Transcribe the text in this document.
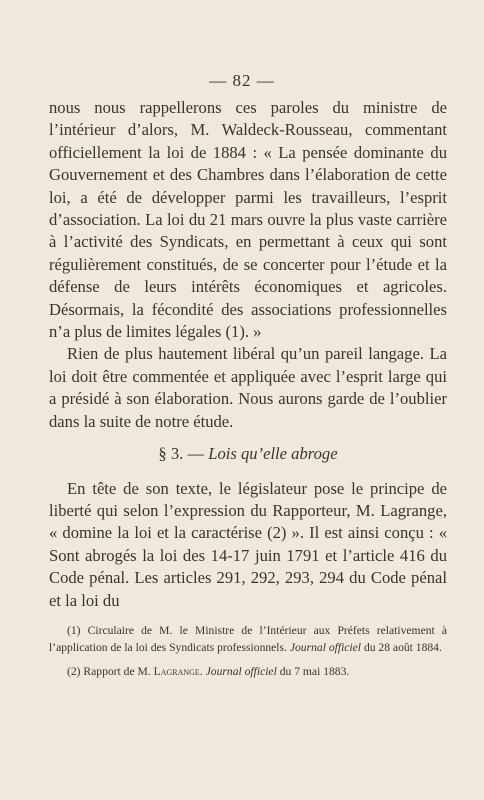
— 82 —

nous nous rappellerons ces paroles du ministre de l’intérieur d’alors, M. Waldeck-Rousseau, commentant officiellement la loi de 1884 : « La pensée dominante du Gouvernement et des Chambres dans l’élaboration de cette loi, a été de développer parmi les travailleurs, l’esprit d’association. La loi du 21 mars ouvre la plus vaste carrière à l’activité des Syndicats, en permettant à ceux qui sont régulièrement constitués, de se concerter pour l’étude et la défense de leurs intérêts économiques et agricoles. Désormais, la fécondité des associations professionnelles n’a plus de limites légales (1). »

Rien de plus hautement libéral qu’un pareil langage. La loi doit être commentée et appliquée avec l’esprit large qui a présidé à son élaboration. Nous aurons garde de l’oublier dans la suite de notre étude.

§ 3. — Lois qu’elle abroge

En tête de son texte, le législateur pose le principe de liberté qui selon l’expression du Rapporteur, M. Lagrange, « domine la loi et la caractérise (2) ». Il est ainsi conçu : « Sont abrogés la loi des 14-17 juin 1791 et l’article 416 du Code pénal. Les articles 291, 292, 293, 294 du Code pénal et la loi du

(1) Circulaire de M. le Ministre de l’Intérieur aux Préfets relativement à l’application de la loi des Syndicats professionnels. Journal officiel du 28 août 1884.

(2) Rapport de M. Lagrange. Journal officiel du 7 mai 1883.
